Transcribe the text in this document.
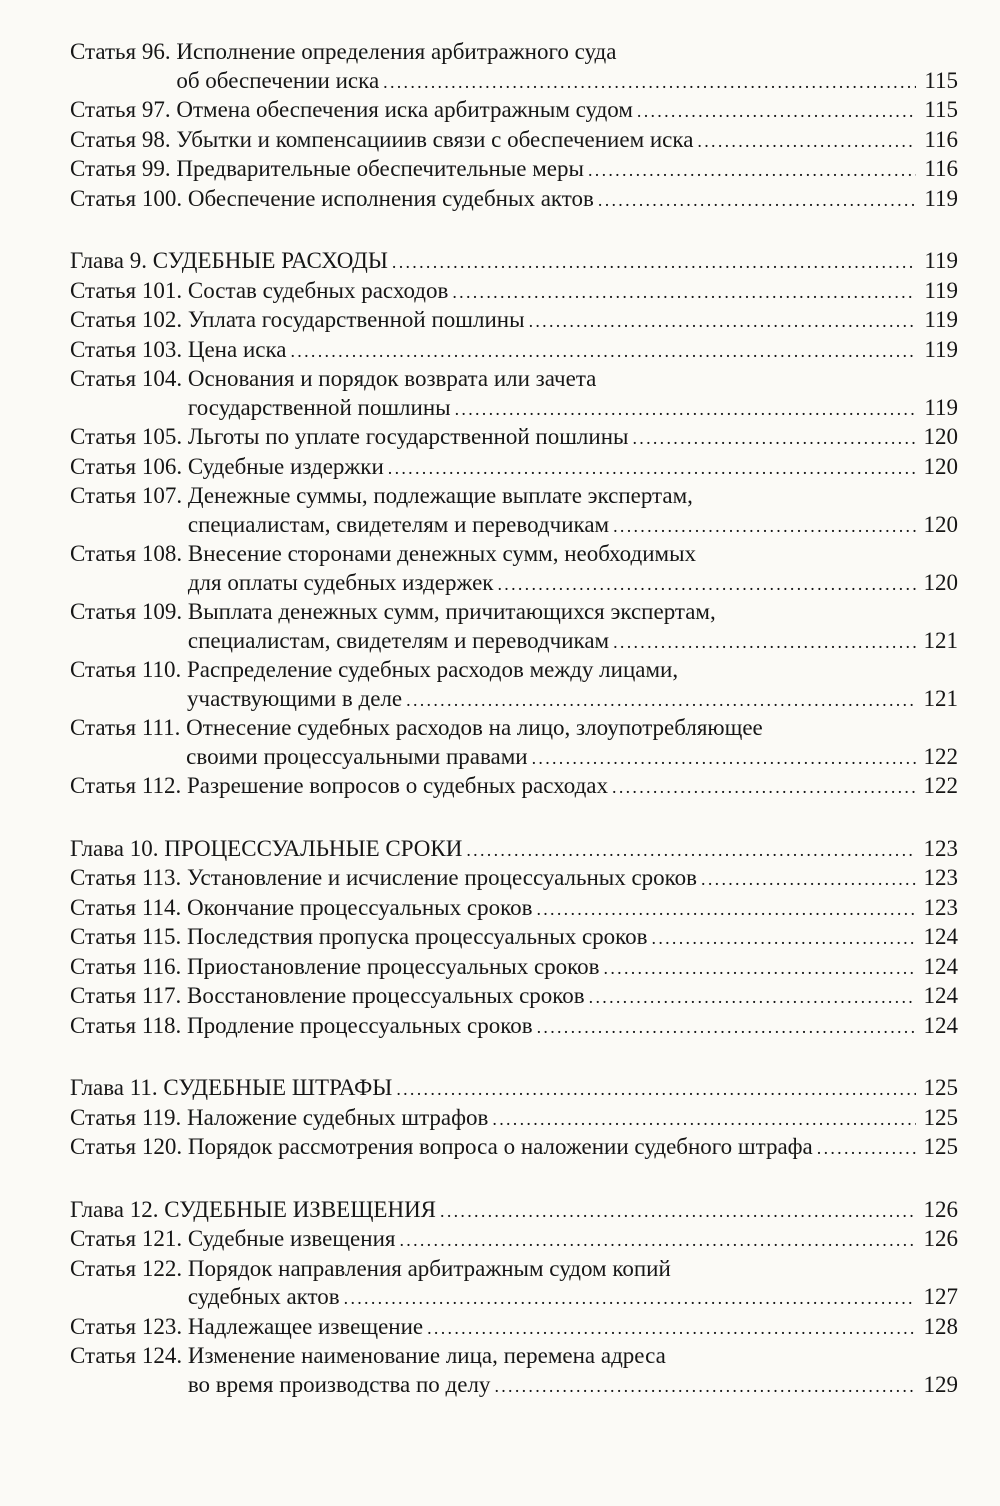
Статья 96. Исполнение определения арбитражного суда
об обеспечении иска .....	115
Статья 97. Отмена обеспечения иска арбитражным судом .....	115
Статья 98. Убытки и компенсацииив связи с обеспечением иска .....	116
Статья 99. Предварительные обеспечительные меры .....	116
Статья 100. Обеспечение исполнения судебных актов .....	119
Глава 9. СУДЕБНЫЕ РАСХОДЫ .....	119
Статья 101. Состав судебных расходов .....	119
Статья 102. Уплата государственной пошлины .....	119
Статья 103. Цена иска .....	119
Статья 104. Основания и порядок возврата или зачета
государственной пошлины .....	119
Статья 105. Льготы по уплате государственной пошлины .....	120
Статья 106. Судебные издержки .....	120
Статья 107. Денежные суммы, подлежащие выплате экспертам,
специалистам, свидетелям и переводчикам .....	120
Статья 108. Внесение сторонами денежных сумм, необходимых
для оплаты судебных издержек .....	120
Статья 109. Выплата денежных сумм, причитающихся экспертам,
специалистам, свидетелям и переводчикам .....	121
Статья 110. Распределение судебных расходов между лицами,
участвующими в деле .....	121
Статья 111. Отнесение судебных расходов на лицо, злоупотребляющее
своими процессуальными правами .....	122
Статья 112. Разрешение вопросов о судебных расходах .....	122
Глава 10. ПРОЦЕССУАЛЬНЫЕ СРОКИ .....	123
Статья 113. Установление и исчисление процессуальных сроков .....	123
Статья 114. Окончание процессуальных сроков .....	123
Статья 115. Последствия пропуска процессуальных сроков .....	124
Статья 116. Приостановление процессуальных сроков .....	124
Статья 117. Восстановление процессуальных сроков .....	124
Статья 118. Продление процессуальных сроков .....	124
Глава 11. СУДЕБНЫЕ ШТРАФЫ .....	125
Статья 119. Наложение судебных штрафов .....	125
Статья 120. Порядок рассмотрения вопроса о наложении судебного штрафа .....	125
Глава 12. СУДЕБНЫЕ ИЗВЕЩЕНИЯ .....	126
Статья 121. Судебные извещения .....	126
Статья 122. Порядок направления арбитражным судом копий
судебных актов .....	127
Статья 123. Надлежащее извещение .....	128
Статья 124. Изменение наименование лица, перемена адреса
во время производства по делу .....	129
